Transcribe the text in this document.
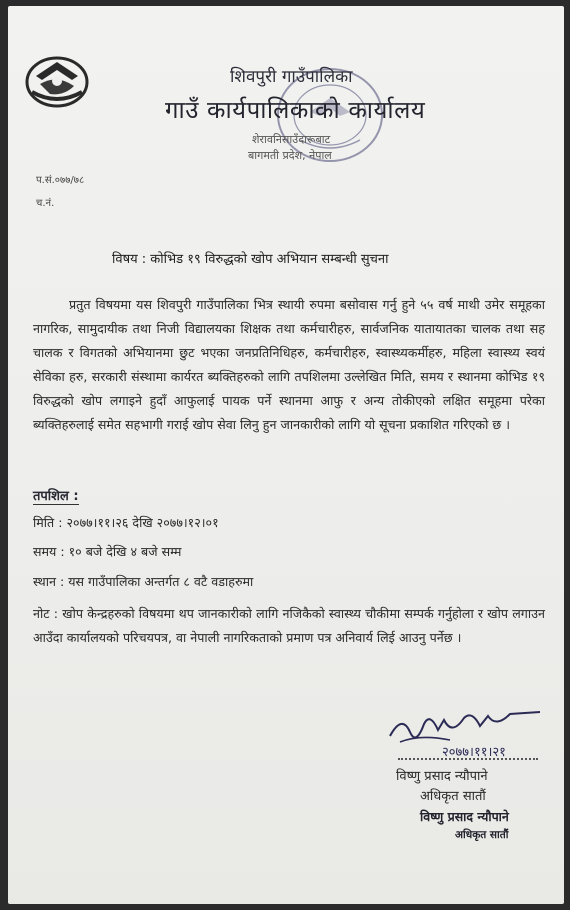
शिवपुरी गाउँपालिका
गाउँ कार्यपालिकाको कार्यालय
शेरावनिसाउँदारूबाट
बागमती प्रदेश, नेपाल
प.सं.०७७/७८
च.नं.
विषय : कोभिड १९ विरुद्धको खोप अभियान सम्बन्धी सुचना
प्रतुत विषयमा यस शिवपुरी गाउँपालिका भित्र स्थायी रुपमा बसोवास गर्नु हुने ५५ वर्ष माथी उमेर समूहका नागरिक, सामुदायीक तथा निजी विद्यालयका शिक्षक तथा कर्मचारीहरु, सार्वजनिक यातायातका चालक तथा सह चालक र विगतको अभियानमा छुट भएका जनप्रतिनिधिहरु, कर्मचारीहरु, स्वास्थ्यकर्मीहरु, महिला स्वास्थ्य स्वयं सेविका हरु, सरकारी संस्थामा कार्यरत ब्यक्तिहरुको लागि तपशिलमा उल्लेखित मिति, समय र स्थानमा कोभिड १९ विरुद्धको खोप लगाइने हुदाँ आफुलाई पायक पर्ने स्थानमा आफु र अन्य तोकीएको लक्षित समूहमा परेका ब्यक्तिहरुलाई समेत सहभागी गराई खोप सेवा लिनु हुन जानकारीको लागि यो सूचना प्रकाशित गरिएको छ ।
तपशिल :
मिति : २०७७।११।२६ देखि २०७७।१२।०१
समय : १० बजे देखि ४ बजे सम्म
स्थान : यस गाउँपालिका अन्तर्गत ८ वटै वडाहरुमा
नोट : खोप केन्द्रहरुको विषयमा थप जानकारीको लागि नजिकैको स्वास्थ्य चौकीमा सम्पर्क गर्नुहोला र खोप लगाउन आउँदा कार्यालयको परिचयपत्र, वा नेपाली नागरिकताको प्रमाण पत्र अनिवार्य लिई आउनु पर्नेछ ।
२०७७।११।२१
विष्णु प्रसाद न्यौपाने
अधिकृत सातौं
विष्णु प्रसाद न्यौपाने
अधिकृत सातौं
